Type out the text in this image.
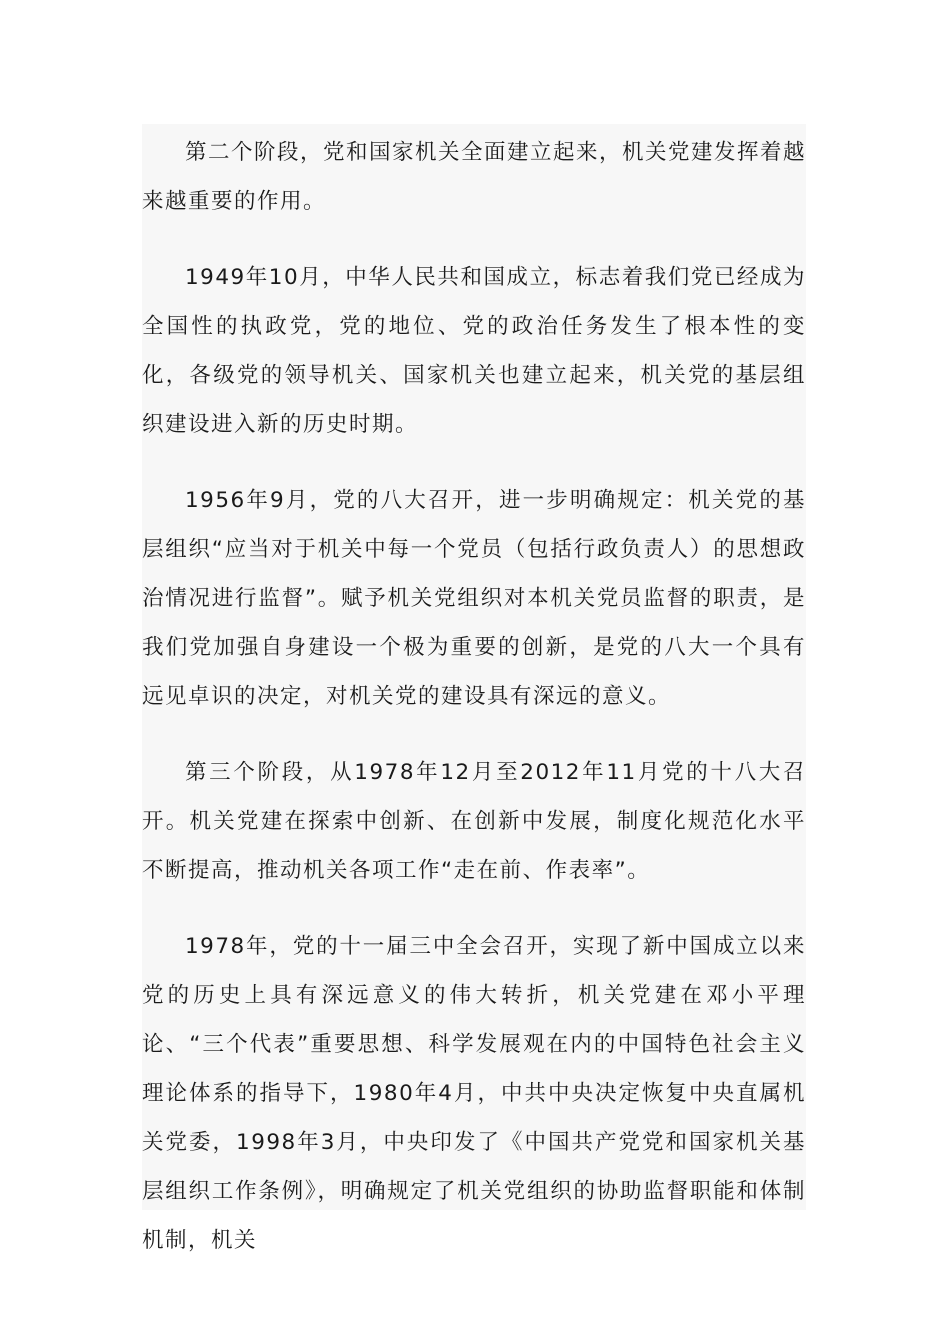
第二个阶段，党和国家机关全面建立起来，机关党建发挥着越来越重要的作用。

1949年10月，中华人民共和国成立，标志着我们党已经成为全国性的执政党，党的地位、党的政治任务发生了根本性的变化，各级党的领导机关、国家机关也建立起来，机关党的基层组织建设进入新的历史时期。

1956年9月，党的八大召开，进一步明确规定：机关党的基层组织“应当对于机关中每一个党员（包括行政负责人）的思想政治情况进行监督”。赋予机关党组织对本机关党员监督的职责，是我们党加强自身建设一个极为重要的创新，是党的八大一个具有远见卓识的决定，对机关党的建设具有深远的意义。

第三个阶段，从1978年12月至2012年11月党的十八大召开。机关党建在探索中创新、在创新中发展，制度化规范化水平不断提高，推动机关各项工作“走在前、作表率”。

1978年，党的十一届三中全会召开，实现了新中国成立以来党的历史上具有深远意义的伟大转折，机关党建在邓小平理论、“三个代表”重要思想、科学发展观在内的中国特色社会主义理论体系的指导下，1980年4月，中共中央决定恢复中央直属机关党委，1998年3月，中央印发了《中国共产党党和国家机关基层组织工作条例》，明确规定了机关党组织的协助监督职能和体制机制，机关
